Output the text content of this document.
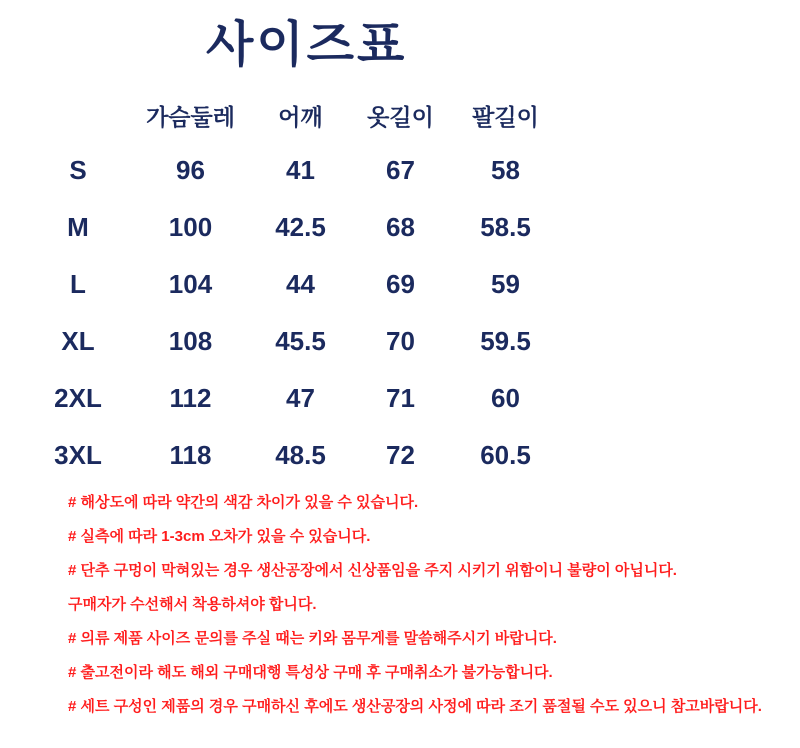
사이즈표
	가슴둘레	어깨	옷길이	팔길이
S	96	41	67	58
M	100	42.5	68	58.5
L	104	44	69	59
XL	108	45.5	70	59.5
2XL	112	47	71	60
3XL	118	48.5	72	60.5

# 해상도에 따라 약간의 색감 차이가 있을 수 있습니다.

# 실측에 따라 1-3cm 오차가 있을 수 있습니다.

# 단추 구멍이 막혀있는 경우 생산공장에서 신상품임을 주지 시키기 위함이니 불량이 아닙니다.

구매자가 수선해서 착용하셔야 합니다.

# 의류 제품 사이즈 문의를 주실 때는 키와 몸무게를 말씀해주시기 바랍니다.

# 출고전이라 해도 해외 구매대행 특성상 구매 후 구매취소가 불가능합니다.

# 세트 구성인 제품의 경우 구매하신 후에도 생산공장의 사정에 따라 조기 품절될 수도 있으니 참고바랍니다.
